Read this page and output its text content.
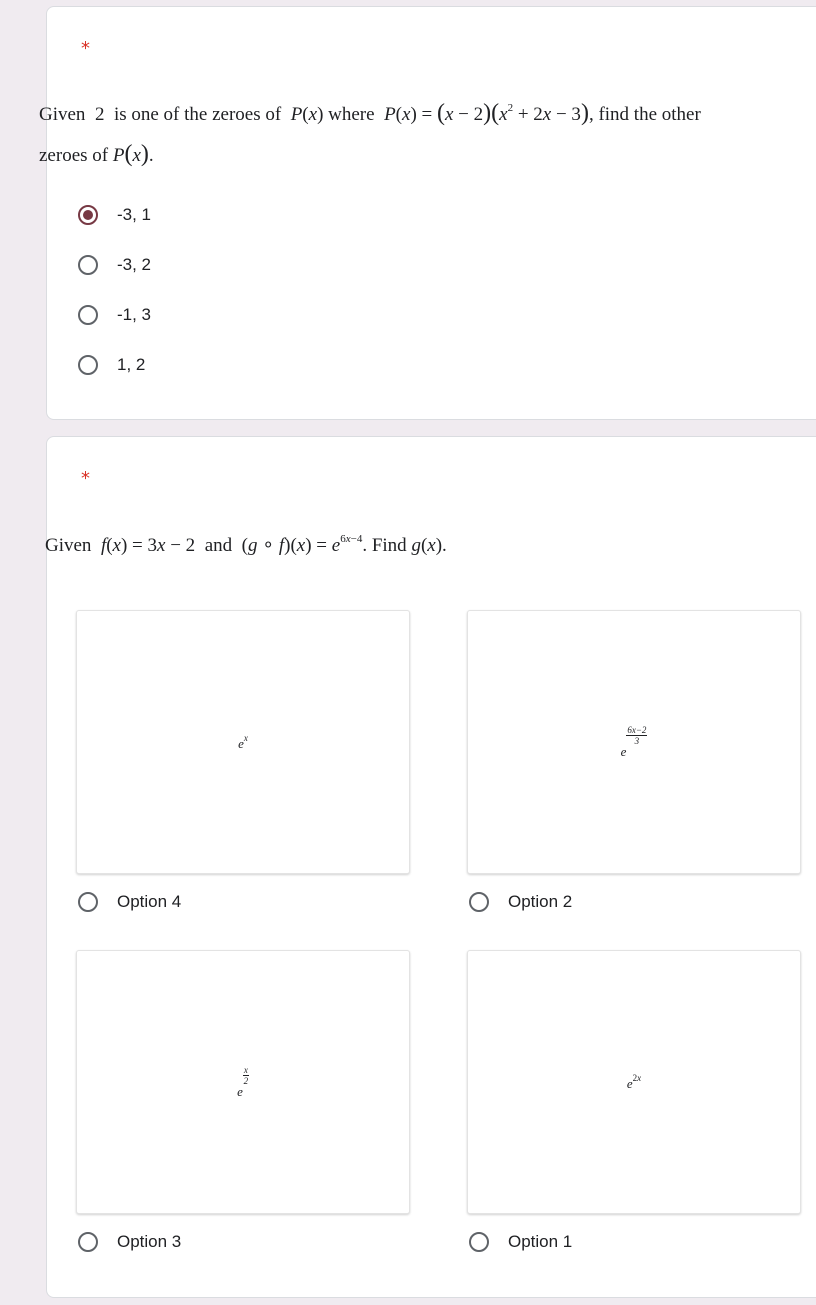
*
Given 2 is one of the zeroes of P(x) where $P(x) = (x - 2)(x^2 + 2x - 3)$, find the other
zeroes of P(x).
-3, 1
-3, 2
-1, 3
1, 2
*
Given f(x) = 3x − 2  and  (g ∘ $f)(x) = e^{6x-4}$. Find g(x).
$e^x$
e
$\frac{6x-2}{3}$
e
$\frac{x}{2}$	$e^{2x}$
Option 4	Option 2
Option 3	Option 1
